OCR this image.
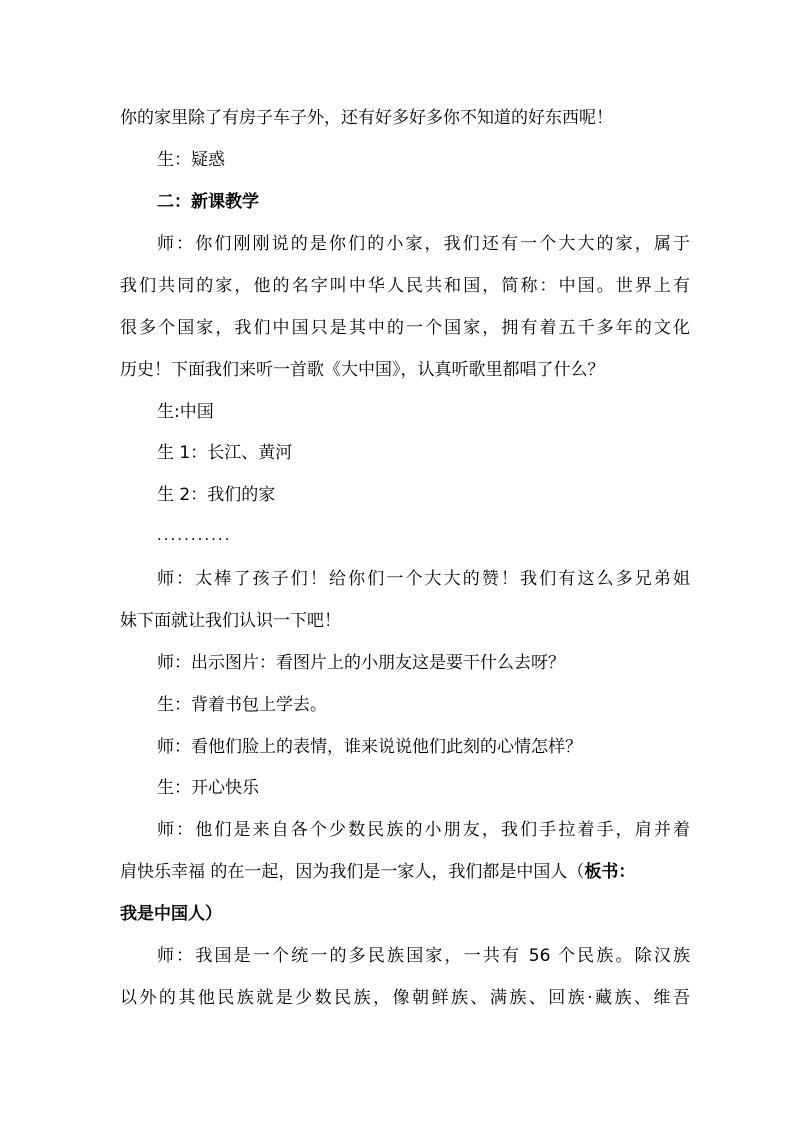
你的家里除了有房子车子外，还有好多好多你不知道的好东西呢！
生：疑惑
二：新课教学
师：你们刚刚说的是你们的小家，我们还有一个大大的家，属于
我们共同的家，他的名字叫中华人民共和国，简称：中国。世界上有
很多个国家，我们中国只是其中的一个国家，拥有着五千多年的文化
历史！下面我们来听一首歌《大中国》，认真听歌里都唱了什么？
生:中国
生 1：长江、黄河
生 2：我们的家
...........
师：太棒了孩子们！给你们一个大大的赞！我们有这么多兄弟姐
妹下面就让我们认识一下吧！
师：出示图片：看图片上的小朋友这是要干什么去呀？
生：背着书包上学去。
师：看他们脸上的表情，谁来说说他们此刻的心情怎样？
生：开心快乐
师：他们是来自各个少数民族的小朋友，我们手拉着手，肩并着
肩快乐幸福 的在一起，因为我们是一家人，我们都是中国人（板书：
我是中国人）
师：我国是一个统一的多民族国家，一共有 56 个民族。除汉族
以外的其他民族就是少数民族，像朝鲜族、满族、回族·藏族、维吾
